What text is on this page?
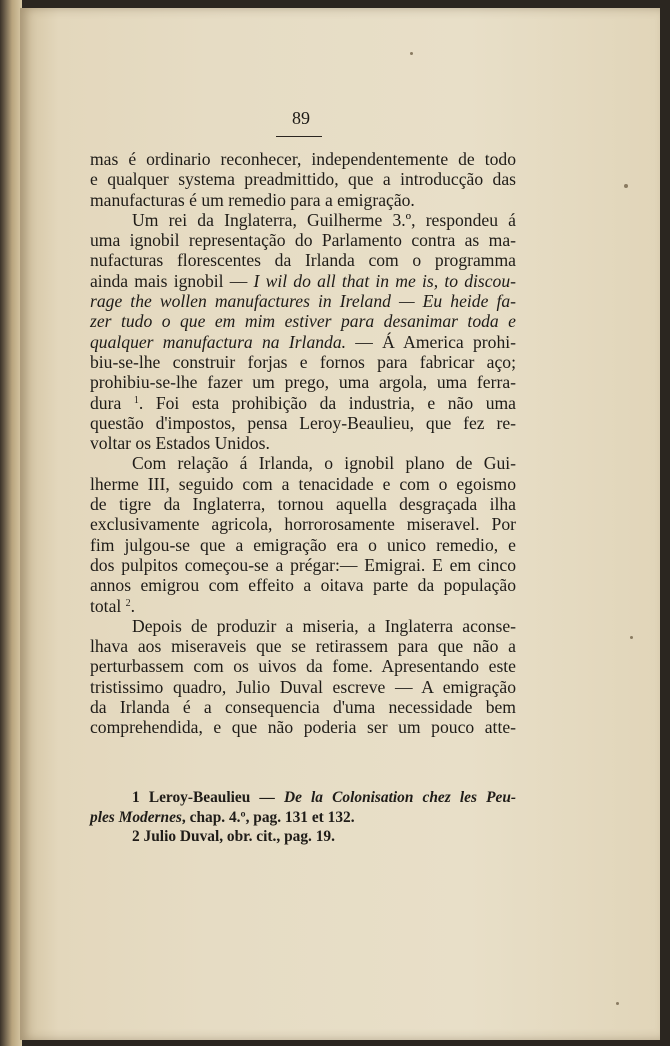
89
mas é ordinario reconhecer, independentemente de todo
e qualquer systema preadmittido, que a introducção das
manufacturas é um remedio para a emigração.
Um rei da Inglaterra, Guilherme 3.º, respondeu á
uma ignobil representação do Parlamento contra as ma-
nufacturas florescentes da Irlanda com o programma
ainda mais ignobil — I wil do all that in me is, to discou-
rage the wollen manufactures in Ireland — Eu heide fa-
zer tudo o que em mim estiver para desanimar toda e
qualquer manufactura na Irlanda. — Á America prohi-
biu-se-lhe construir forjas e fornos para fabricar aço;
prohibiu-se-lhe fazer um prego, uma argola, uma ferra-
dura $^1$. Foi esta prohibição da industria, e não uma
questão d'impostos, pensa Leroy-Beaulieu, que fez re-
voltar os Estados Unidos.
Com relação á Irlanda, o ignobil plano de Gui-
lherme III, seguido com a tenacidade e com o egoismo
de tigre da Inglaterra, tornou aquella desgraçada ilha
exclusivamente agricola, horrorosamente miseravel. Por
fim julgou-se que a emigração era o unico remedio, e
dos pulpitos começou-se a prégar:— Emigrai. E em cinco
annos emigrou com effeito a oitava parte da população
total $^2$.
Depois de produzir a miseria, a Inglaterra aconse-
lhava aos miseraveis que se retirassem para que não a
perturbassem com os uivos da fome. Apresentando este
tristissimo quadro, Julio Duval escreve — A emigração
da Irlanda é a consequencia d'uma necessidade bem
comprehendida, e que não poderia ser um pouco atte-
1 Leroy-Beaulieu — De la Colonisation chez les Peu-
ples Modernes, chap. 4.º, pag. 131 et 132.
2 Julio Duval, obr. cit., pag. 19.
